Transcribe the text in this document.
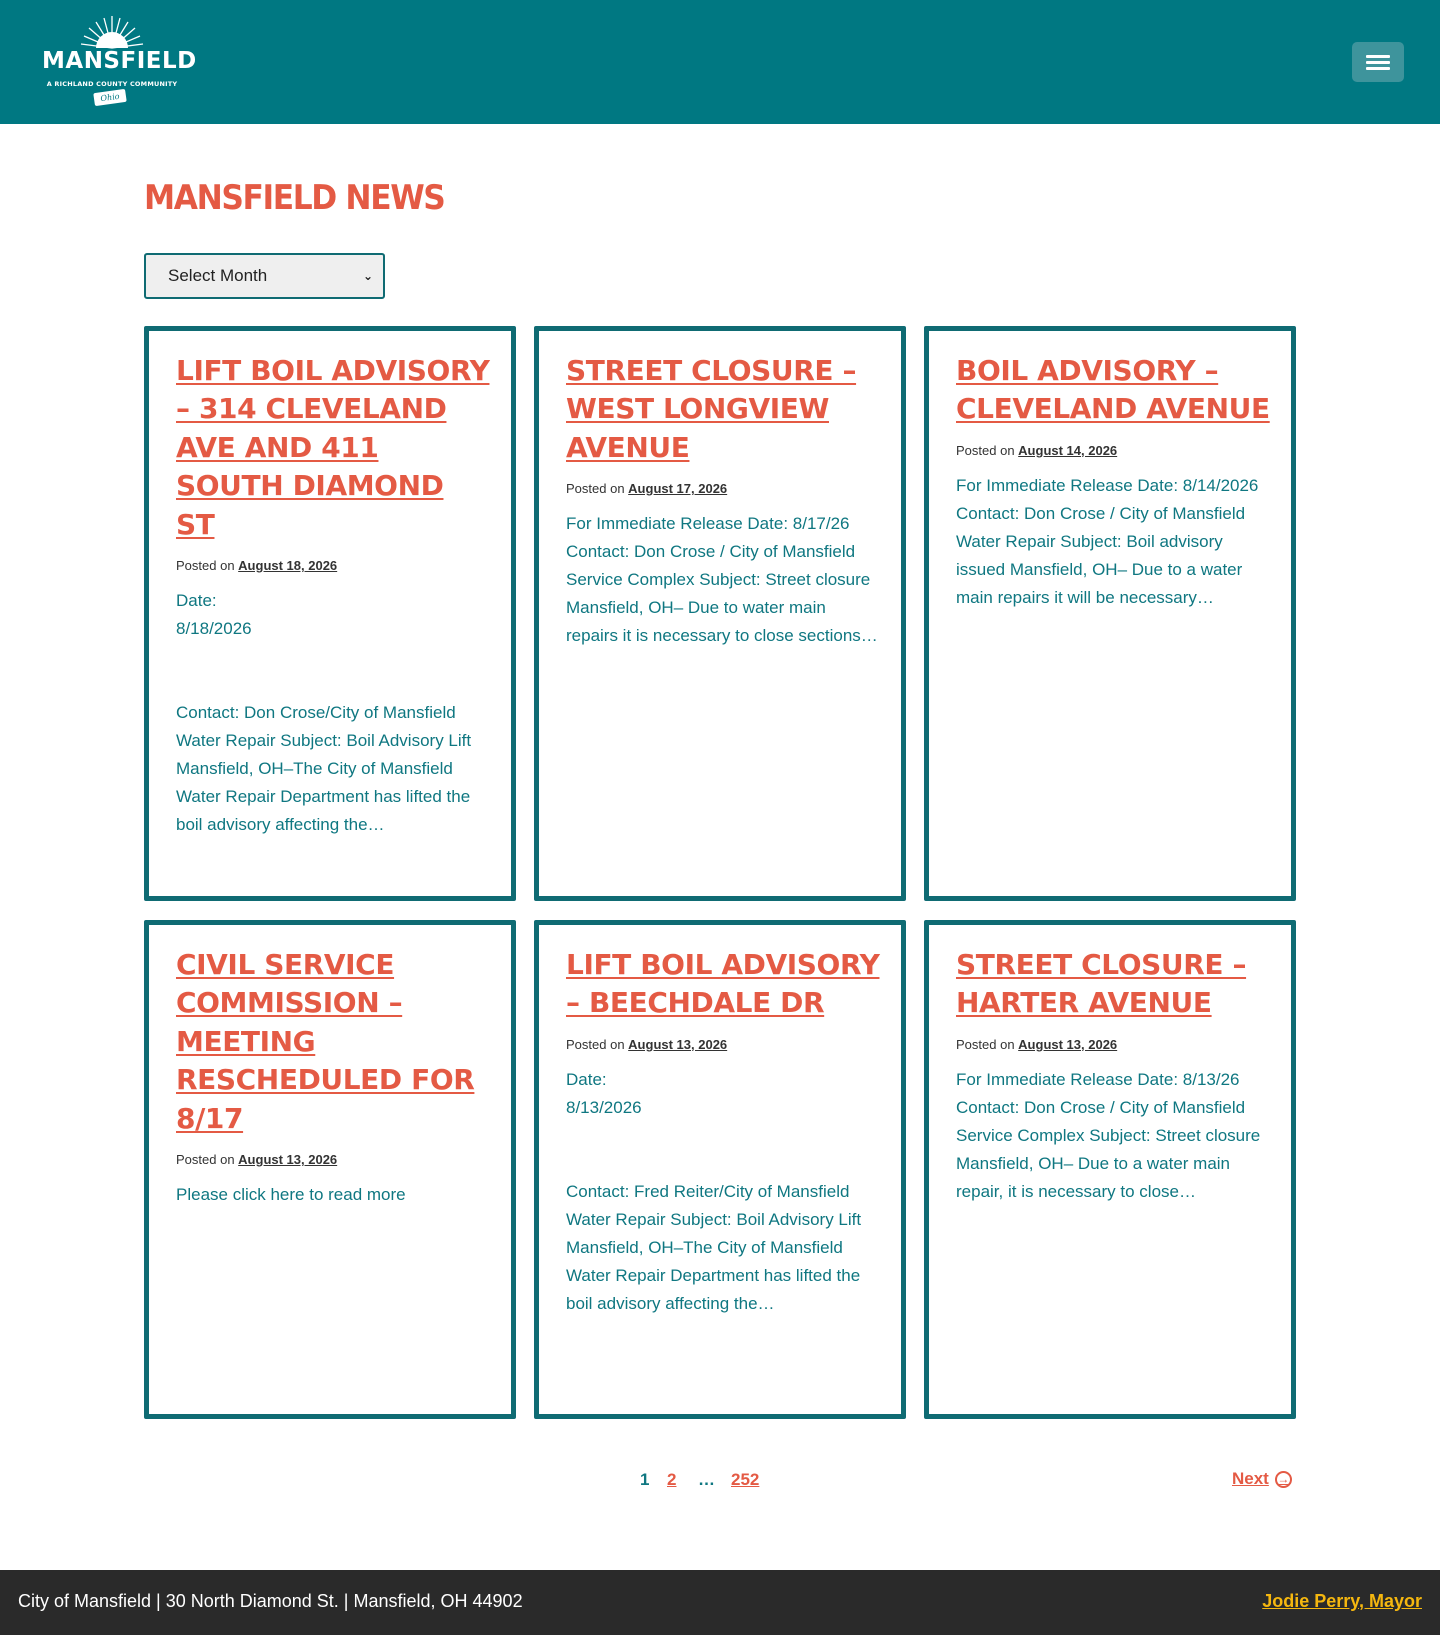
MANSFIELD
A RICHLAND COUNTY COMMUNITY
Ohio
MANSFIELD NEWS
Select Month	⌄
LIFT BOIL ADVISORY – 314 CLEVELAND AVE AND 411 SOUTH DIAMOND ST
Posted on August 18, 2026
Date:
8/18/2026

Contact: Don Crose/City of Mansfield Water Repair Subject: Boil Advisory Lift Mansfield, OH–The City of Mansfield Water Repair Department has lifted the boil advisory affecting the…
STREET CLOSURE – WEST LONGVIEW AVENUE
Posted on August 17, 2026
For Immediate Release Date: 8/17/26 Contact: Don Crose / City of Mansfield Service Complex Subject: Street closure Mansfield, OH– Due to water main repairs it is necessary to close sections…
BOIL ADVISORY – CLEVELAND AVENUE
Posted on August 14, 2026
For Immediate Release Date: 8/14/2026 Contact: Don Crose / City of Mansfield Water Repair Subject: Boil advisory issued Mansfield, OH– Due to a water main repairs it will be necessary…
CIVIL SERVICE COMMISSION – MEETING RESCHEDULED FOR 8/17
Posted on August 13, 2026
Please click here to read more
LIFT BOIL ADVISORY – BEECHDALE DR
Posted on August 13, 2026
Date:
8/13/2026

Contact: Fred Reiter/City of Mansfield Water Repair Subject: Boil Advisory Lift Mansfield, OH–The City of Mansfield Water Repair Department has lifted the boil advisory affecting the…
STREET CLOSURE – HARTER AVENUE
Posted on August 13, 2026
For Immediate Release Date: 8/13/26 Contact: Don Crose / City of Mansfield Service Complex Subject: Street closure Mansfield, OH– Due to a water main repair, it is necessary to close…
1 2 … 252	Next →
City of Mansfield | 30 North Diamond St. | Mansfield, OH 44902	Jodie Perry, Mayor
